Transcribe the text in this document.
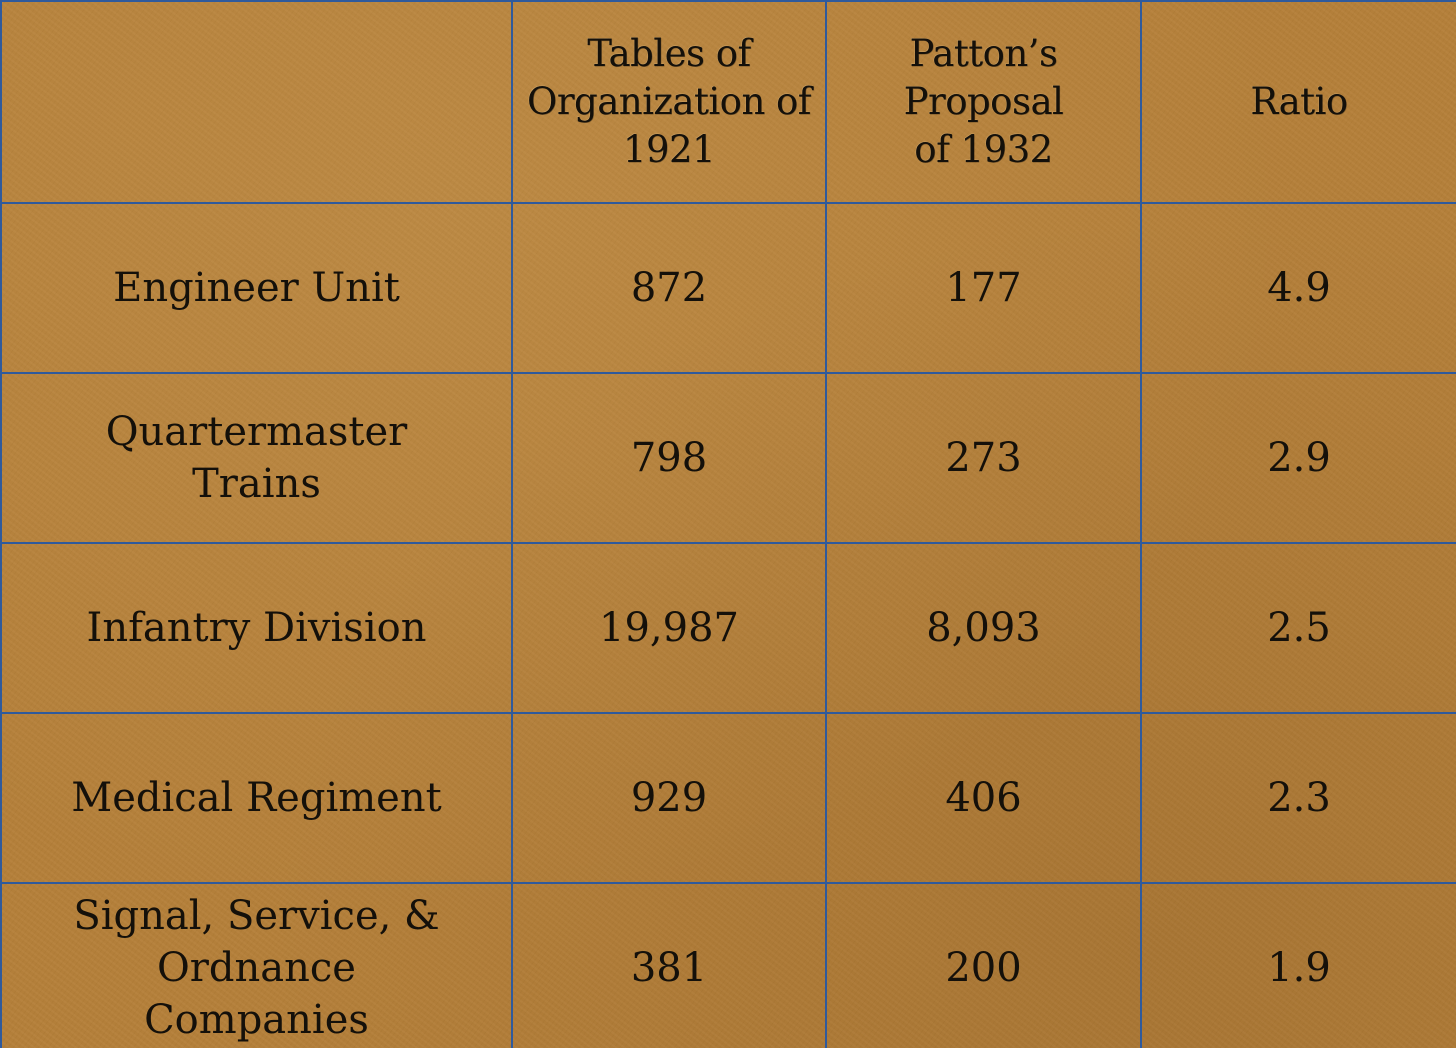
	Tables of Organization of 1921	Patton’s Proposal of 1932	Ratio
Engineer Unit	872	177	4.9
Quartermaster Trains	798	273	2.9
Infantry Division	19,987	8,093	2.5
Medical Regiment	929	406	2.3
Signal, Service, & Ordnance Companies	381	200	1.9
